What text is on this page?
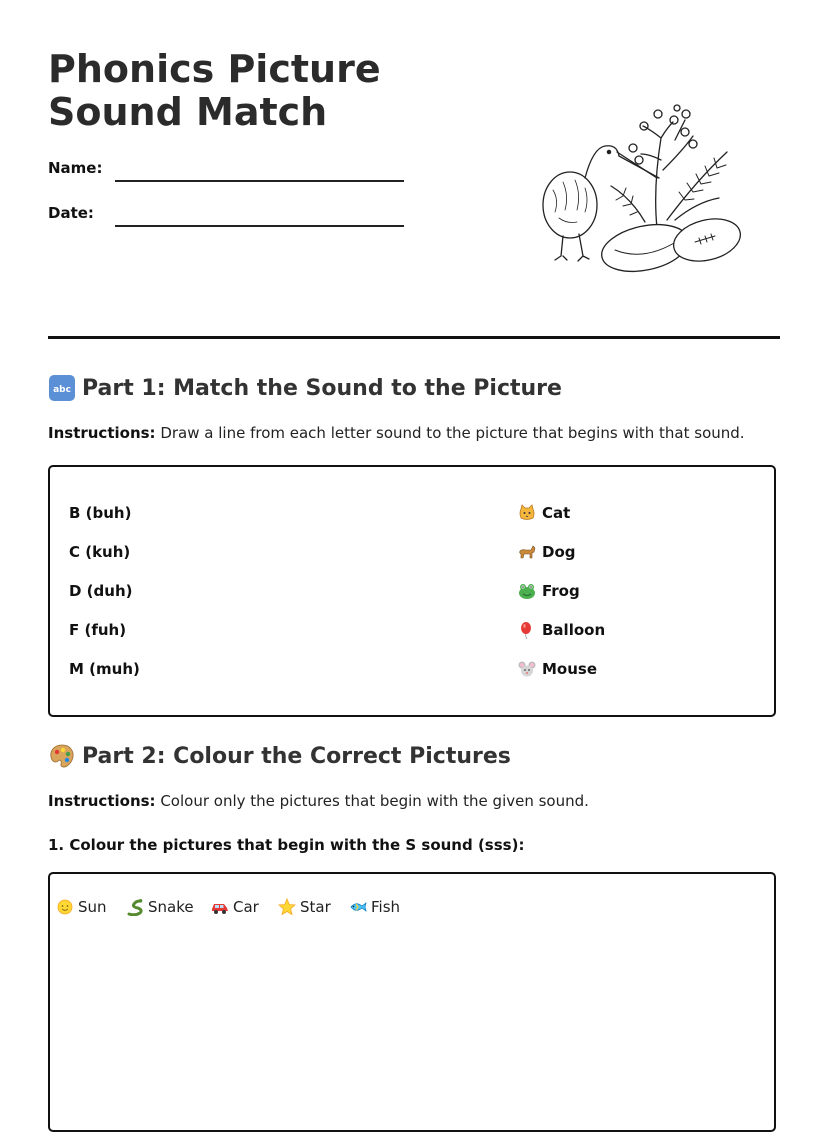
Phonics Picture Sound Match
Name:
Date:
abc Part 1: Match the Sound to the Picture
Instructions: Draw a line from each letter sound to the picture that begins with that sound.
B (buh)
C (kuh)
D (duh)
F (fuh)
M (muh)
Cat
Dog
Frog
Balloon
Mouse
Part 2: Colour the Correct Pictures
Instructions: Colour only the pictures that begin with the given sound.
1. Colour the pictures that begin with the S sound (sss):
Sun	Snake	Car	Star	Fish
